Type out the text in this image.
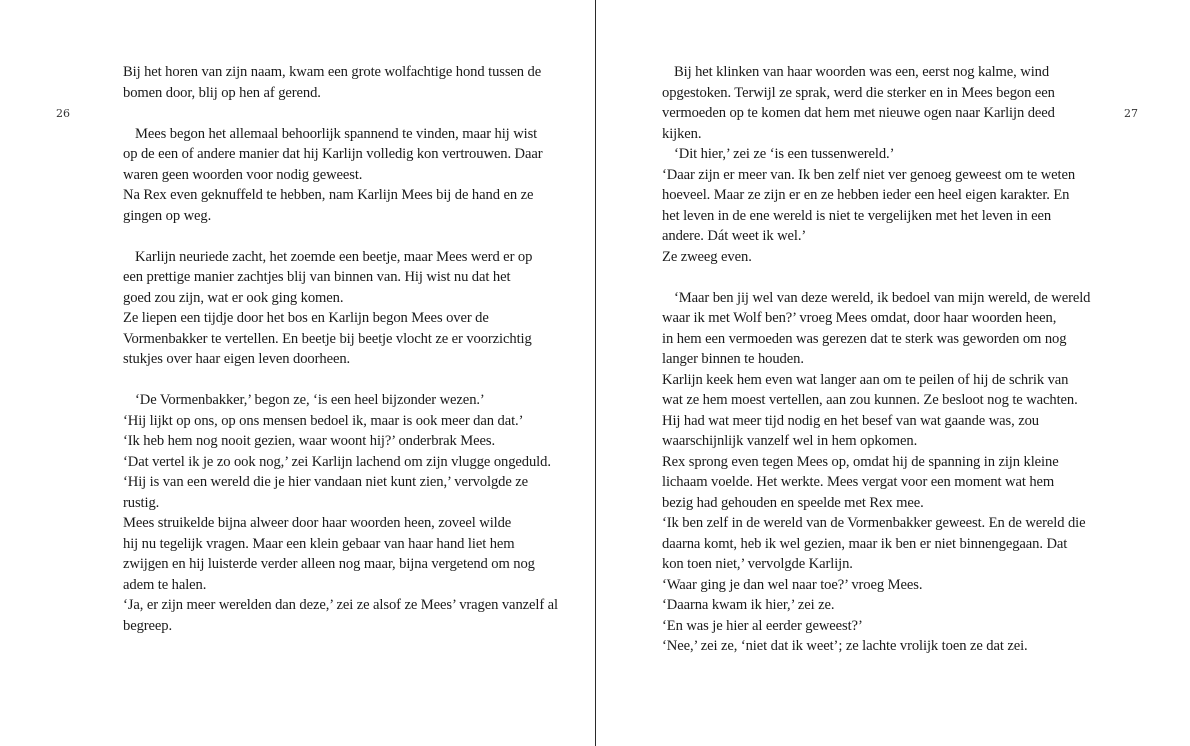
26
Bij het horen van zijn naam, kwam een grote wolfachtige hond tussen de
bomen door, blij op hen af gerend.
Mees begon het allemaal behoorlijk spannend te vinden, maar hij wist
op de een of andere manier dat hij Karlijn volledig kon vertrouwen. Daar
waren geen woorden voor nodig geweest.
Na Rex even geknuffeld te hebben, nam Karlijn Mees bij de hand en ze
gingen op weg.
Karlijn neuriede zacht, het zoemde een beetje, maar Mees werd er op
een prettige manier zachtjes blij van binnen van. Hij wist nu dat het
goed zou zijn, wat er ook ging komen.
Ze liepen een tijdje door het bos en Karlijn begon Mees over de
Vormenbakker te vertellen. En beetje bij beetje vlocht ze er voorzichtig
stukjes over haar eigen leven doorheen.
‘De Vormenbakker,’ begon ze, ‘is een heel bijzonder wezen.’
‘Hij lijkt op ons, op ons mensen bedoel ik, maar is ook meer dan dat.’
‘Ik heb hem nog nooit gezien, waar woont hij?’ onderbrak Mees.
‘Dat vertel ik je zo ook nog,’ zei Karlijn lachend om zijn vlugge ongeduld.
‘Hij is van een wereld die je hier vandaan niet kunt zien,’ vervolgde ze
rustig.
Mees struikelde bijna alweer door haar woorden heen, zoveel wilde
hij nu tegelijk vragen. Maar een klein gebaar van haar hand liet hem
zwijgen en hij luisterde verder alleen nog maar, bijna vergetend om nog
adem te halen.
‘Ja, er zijn meer werelden dan deze,’ zei ze alsof ze Mees’ vragen vanzelf al
begreep.
27
Bij het klinken van haar woorden was een, eerst nog kalme, wind
opgestoken. Terwijl ze sprak, werd die sterker en in Mees begon een
vermoeden op te komen dat hem met nieuwe ogen naar Karlijn deed
kijken.
‘Dit hier,’ zei ze ‘is een tussenwereld.’
‘Daar zijn er meer van. Ik ben zelf niet ver genoeg geweest om te weten
hoeveel. Maar ze zijn er en ze hebben ieder een heel eigen karakter. En
het leven in de ene wereld is niet te vergelijken met het leven in een
andere. Dát weet ik wel.’
Ze zweeg even.
‘Maar ben jij wel van deze wereld, ik bedoel van mijn wereld, de wereld
waar ik met Wolf ben?’ vroeg Mees omdat, door haar woorden heen,
in hem een vermoeden was gerezen dat te sterk was geworden om nog
langer binnen te houden.
Karlijn keek hem even wat langer aan om te peilen of hij de schrik van
wat ze hem moest vertellen, aan zou kunnen. Ze besloot nog te wachten.
Hij had wat meer tijd nodig en het besef van wat gaande was, zou
waarschijnlijk vanzelf wel in hem opkomen.
Rex sprong even tegen Mees op, omdat hij de spanning in zijn kleine
lichaam voelde. Het werkte. Mees vergat voor een moment wat hem
bezig had gehouden en speelde met Rex mee.
‘Ik ben zelf in de wereld van de Vormenbakker geweest. En de wereld die
daarna komt, heb ik wel gezien, maar ik ben er niet binnengegaan. Dat
kon toen niet,’ vervolgde Karlijn.
‘Waar ging je dan wel naar toe?’ vroeg Mees.
‘Daarna kwam ik hier,’ zei ze.
‘En was je hier al eerder geweest?’
‘Nee,’ zei ze, ‘niet dat ik weet’; ze lachte vrolijk toen ze dat zei.
